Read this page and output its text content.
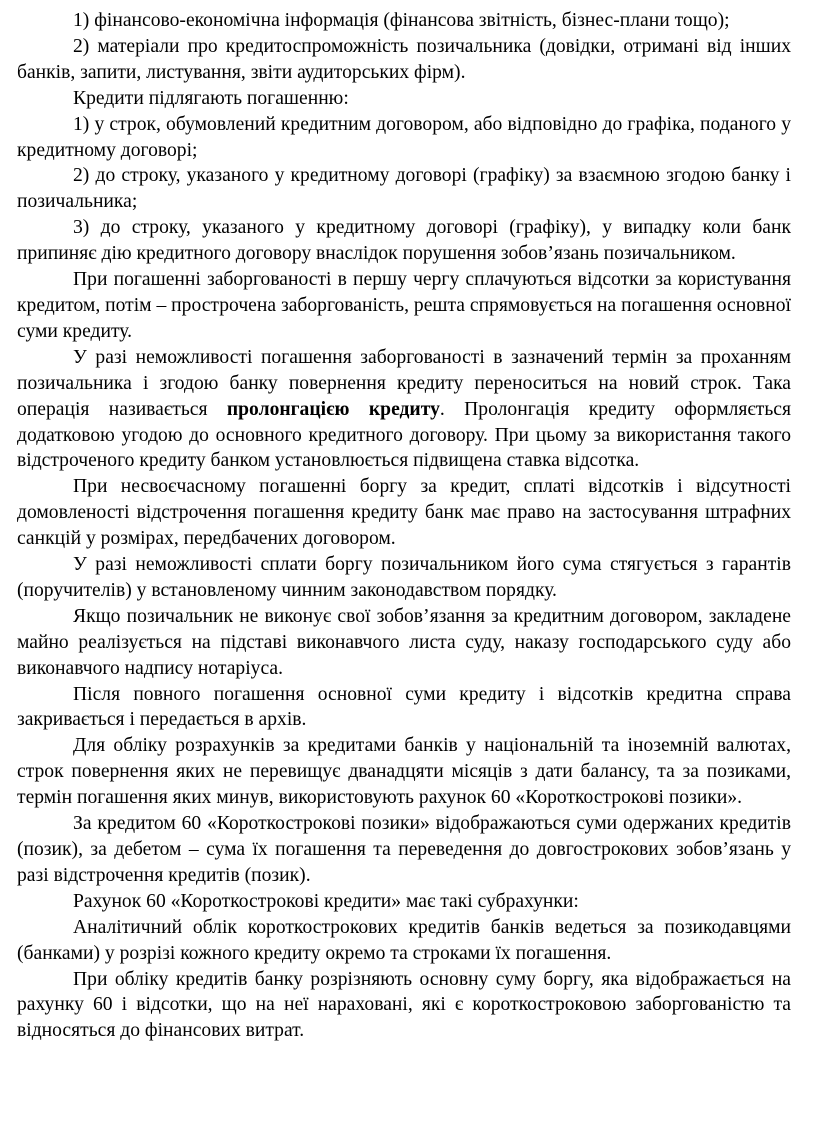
1) фінансово-економічна інформація (фінансова звітність, бізнес-плани тощо);

2) матеріали про кредитоспроможність позичальника (довідки, отримані від інших банків, запити, листування, звіти аудиторських фірм).

Кредити підлягають погашенню:

1) у строк, обумовлений кредитним договором, або відповідно до графіка, поданого у кредитному договорі;

2) до строку, указаного у кредитному договорі (графіку) за взаємною згодою банку і позичальника;

3) до строку, указаного у кредитному договорі (графіку), у випадку коли банк припиняє дію кредитного договору внаслідок порушення зобов’язань позичальником.

При погашенні заборгованості в першу чергу сплачуються відсотки за користування кредитом, потім – прострочена заборгованість, решта спрямовується на погашення основної суми кредиту.

У разі неможливості погашення заборгованості в зазначений термін за проханням позичальника і згодою банку повернення кредиту переноситься на новий строк. Така операція називається пролонгацією кредиту. Пролонгація кредиту оформляється додатковою угодою до основного кредитного договору. При цьому за використання такого відстроченого кредиту банком установлюється підвищена ставка відсотка.

При несвоєчасному погашенні боргу за кредит, сплаті відсотків і відсутності домовленості відстрочення погашення кредиту банк має право на застосування штрафних санкцій у розмірах, передбачених договором.

У разі неможливості сплати боргу позичальником його сума стягується з гарантів (поручителів) у встановленому чинним законодавством порядку.

Якщо позичальник не виконує свої зобов’язання за кредитним договором, закладене майно реалізується на підставі виконавчого листа суду, наказу господарського суду або виконавчого надпису нотаріуса.

Після повного погашення основної суми кредиту і відсотків кредитна справа закривається і передається в архів.

Для обліку розрахунків за кредитами банків у національній та іноземній валютах, строк повернення яких не перевищує дванадцяти місяців з дати балансу, та за позиками, термін погашення яких минув, використовують рахунок 60 «Короткострокові позики».

За кредитом 60 «Короткострокові позики» відображаються суми одержаних кредитів (позик), за дебетом – сума їх погашення та переведення до довгострокових зобов’язань у разі відстрочення кредитів (позик).

Рахунок 60 «Короткострокові кредити» має такі субрахунки:

Аналітичний облік короткострокових кредитів банків ведеться за позикодавцями (банками) у розрізі кожного кредиту окремо та строками їх погашення.

При обліку кредитів банку розрізняють основну суму боргу, яка відображається на рахунку 60 і відсотки, що на неї нараховані, які є короткостроковою заборгованістю та відносяться до фінансових витрат.
